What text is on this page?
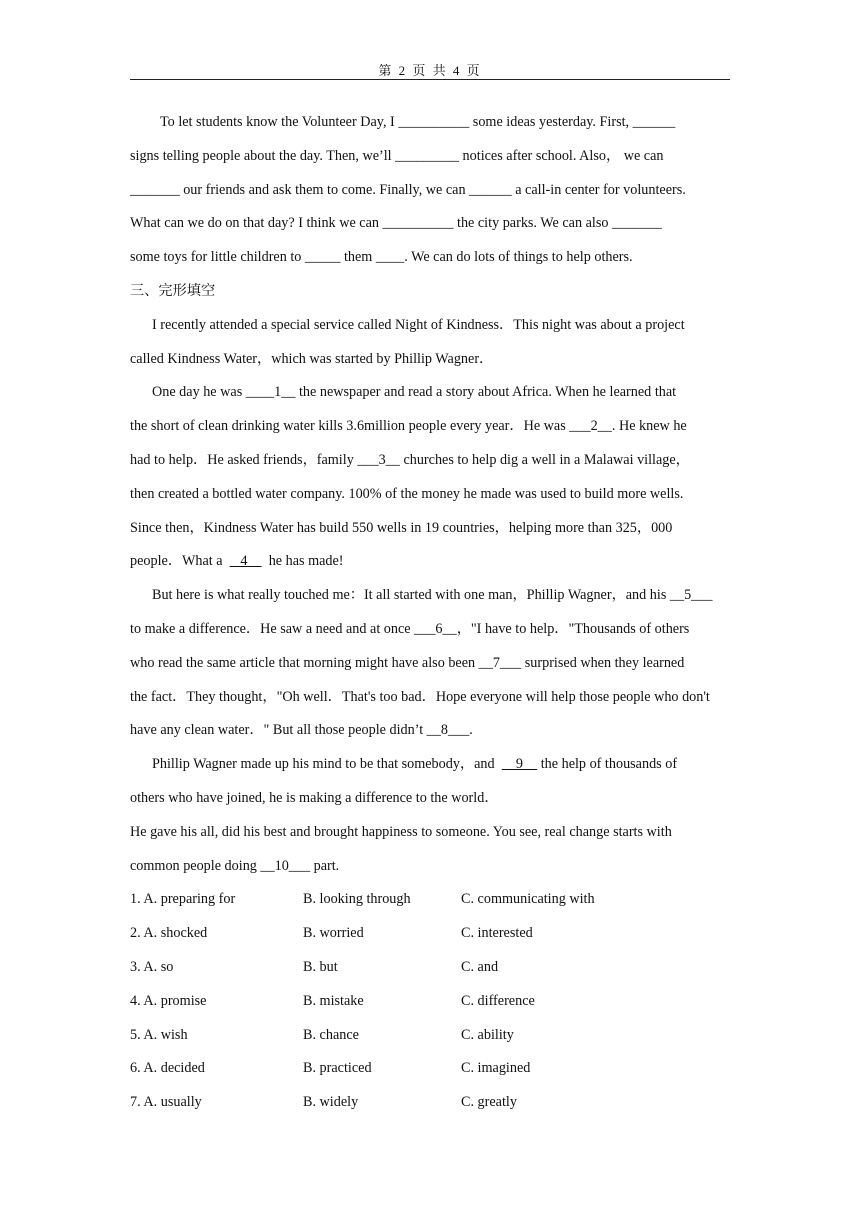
第 2 页 共 4 页
To let students know the Volunteer Day, I __________ some ideas yesterday. First, ______
signs telling people about the day. Then, we’ll _________ notices after school. Also， we can
_______ our friends and ask them to come. Finally, we can ______ a call-in center for volunteers.
What can we do on that day? I think we can __________ the city parks. We can also _______
some toys for little children to _____ them ____. We can do lots of things to help others.
三、完形填空
I recently attended a special service called Night of Kindness．This night was about a project
called Kindness Water，which was started by Phillip Wagner．
One day he was ____1__ the newspaper and read a story about Africa. When he learned that
the short of clean drinking water kills 3.6million people every year．He was ___2__. He knew he
had to help．He asked friends，family ___3__ churches to help dig a well in a Malawai village，
then created a bottled water company. 100% of the money he made was used to build more wells.
Since then，Kindness Water has build 550 wells in 19 countries，helping more than 325，000
people．What a     4      he has made!
But here is what really touched me：It all started with one man，Phillip Wagner，and his __5___
to make a difference．He saw a need and at once ___6__，"I have to help．"Thousands of others
who read the same article that morning might have also been __7___ surprised when they learned
the fact．They thought，"Oh well．That's too bad．Hope everyone will help those people who don't
have any clean water．" But all those people didn’t __8___.
Phillip Wagner made up his mind to be that somebody，and      9     the help of thousands of
others who have joined, he is making a difference to the world．
He gave his all, did his best and brought happiness to someone. You see, real change starts with
common people doing __10___ part.
1. A. preparing for	B. looking through	C. communicating with
2. A. shocked	B. worried	C. interested
3. A. so	B. but	C. and
4. A. promise	B. mistake	C. difference
5. A. wish	B. chance	C. ability
6. A. decided	B. practiced	C. imagined
7. A. usually	B. widely	C. greatly
